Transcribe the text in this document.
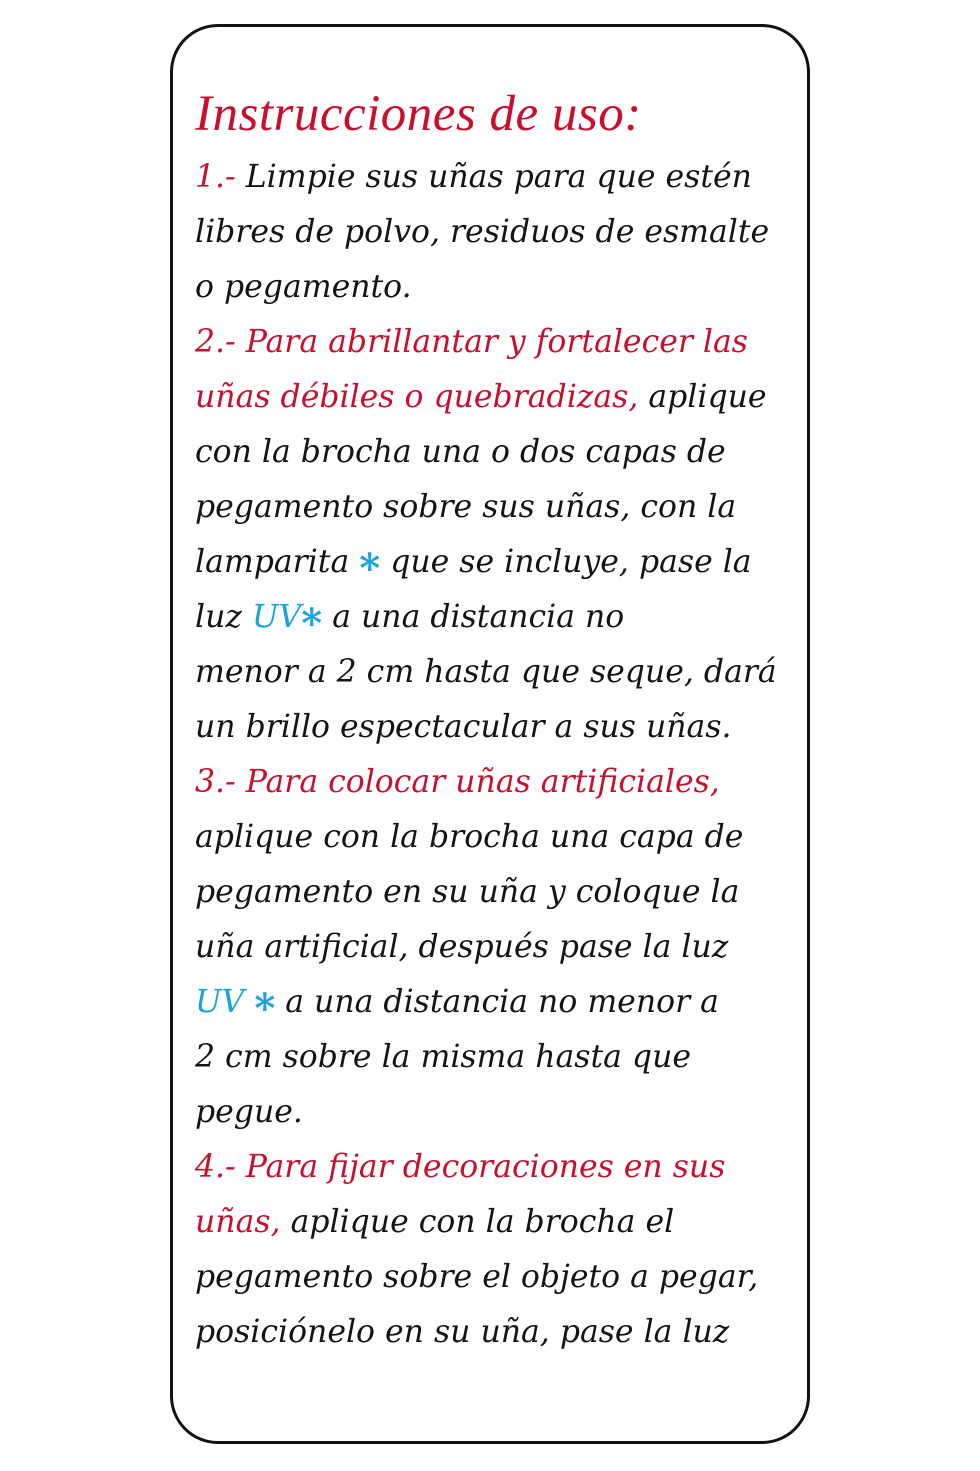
Instrucciones de uso:
1.- Limpie sus uñas para que estén
libres de polvo, residuos de esmalte
o pegamento.
2.- Para abrillantar y fortalecer las
uñas débiles o quebradizas, aplique
con la brocha una o dos capas de
pegamento sobre sus uñas, con la
lamparita * que se incluye, pase la
luz UV* a una distancia no
menor a 2 cm hasta que seque, dará
un brillo espectacular a sus uñas.
3.- Para colocar uñas artificiales,
aplique con la brocha una capa de
pegamento en su uña y coloque la
uña artificial, después pase la luz
UV * a una distancia no menor a
2 cm sobre la misma hasta que
pegue.
4.- Para fijar decoraciones en sus
uñas, aplique con la brocha el
pegamento sobre el objeto a pegar,
posiciónelo en su uña, pase la luz
